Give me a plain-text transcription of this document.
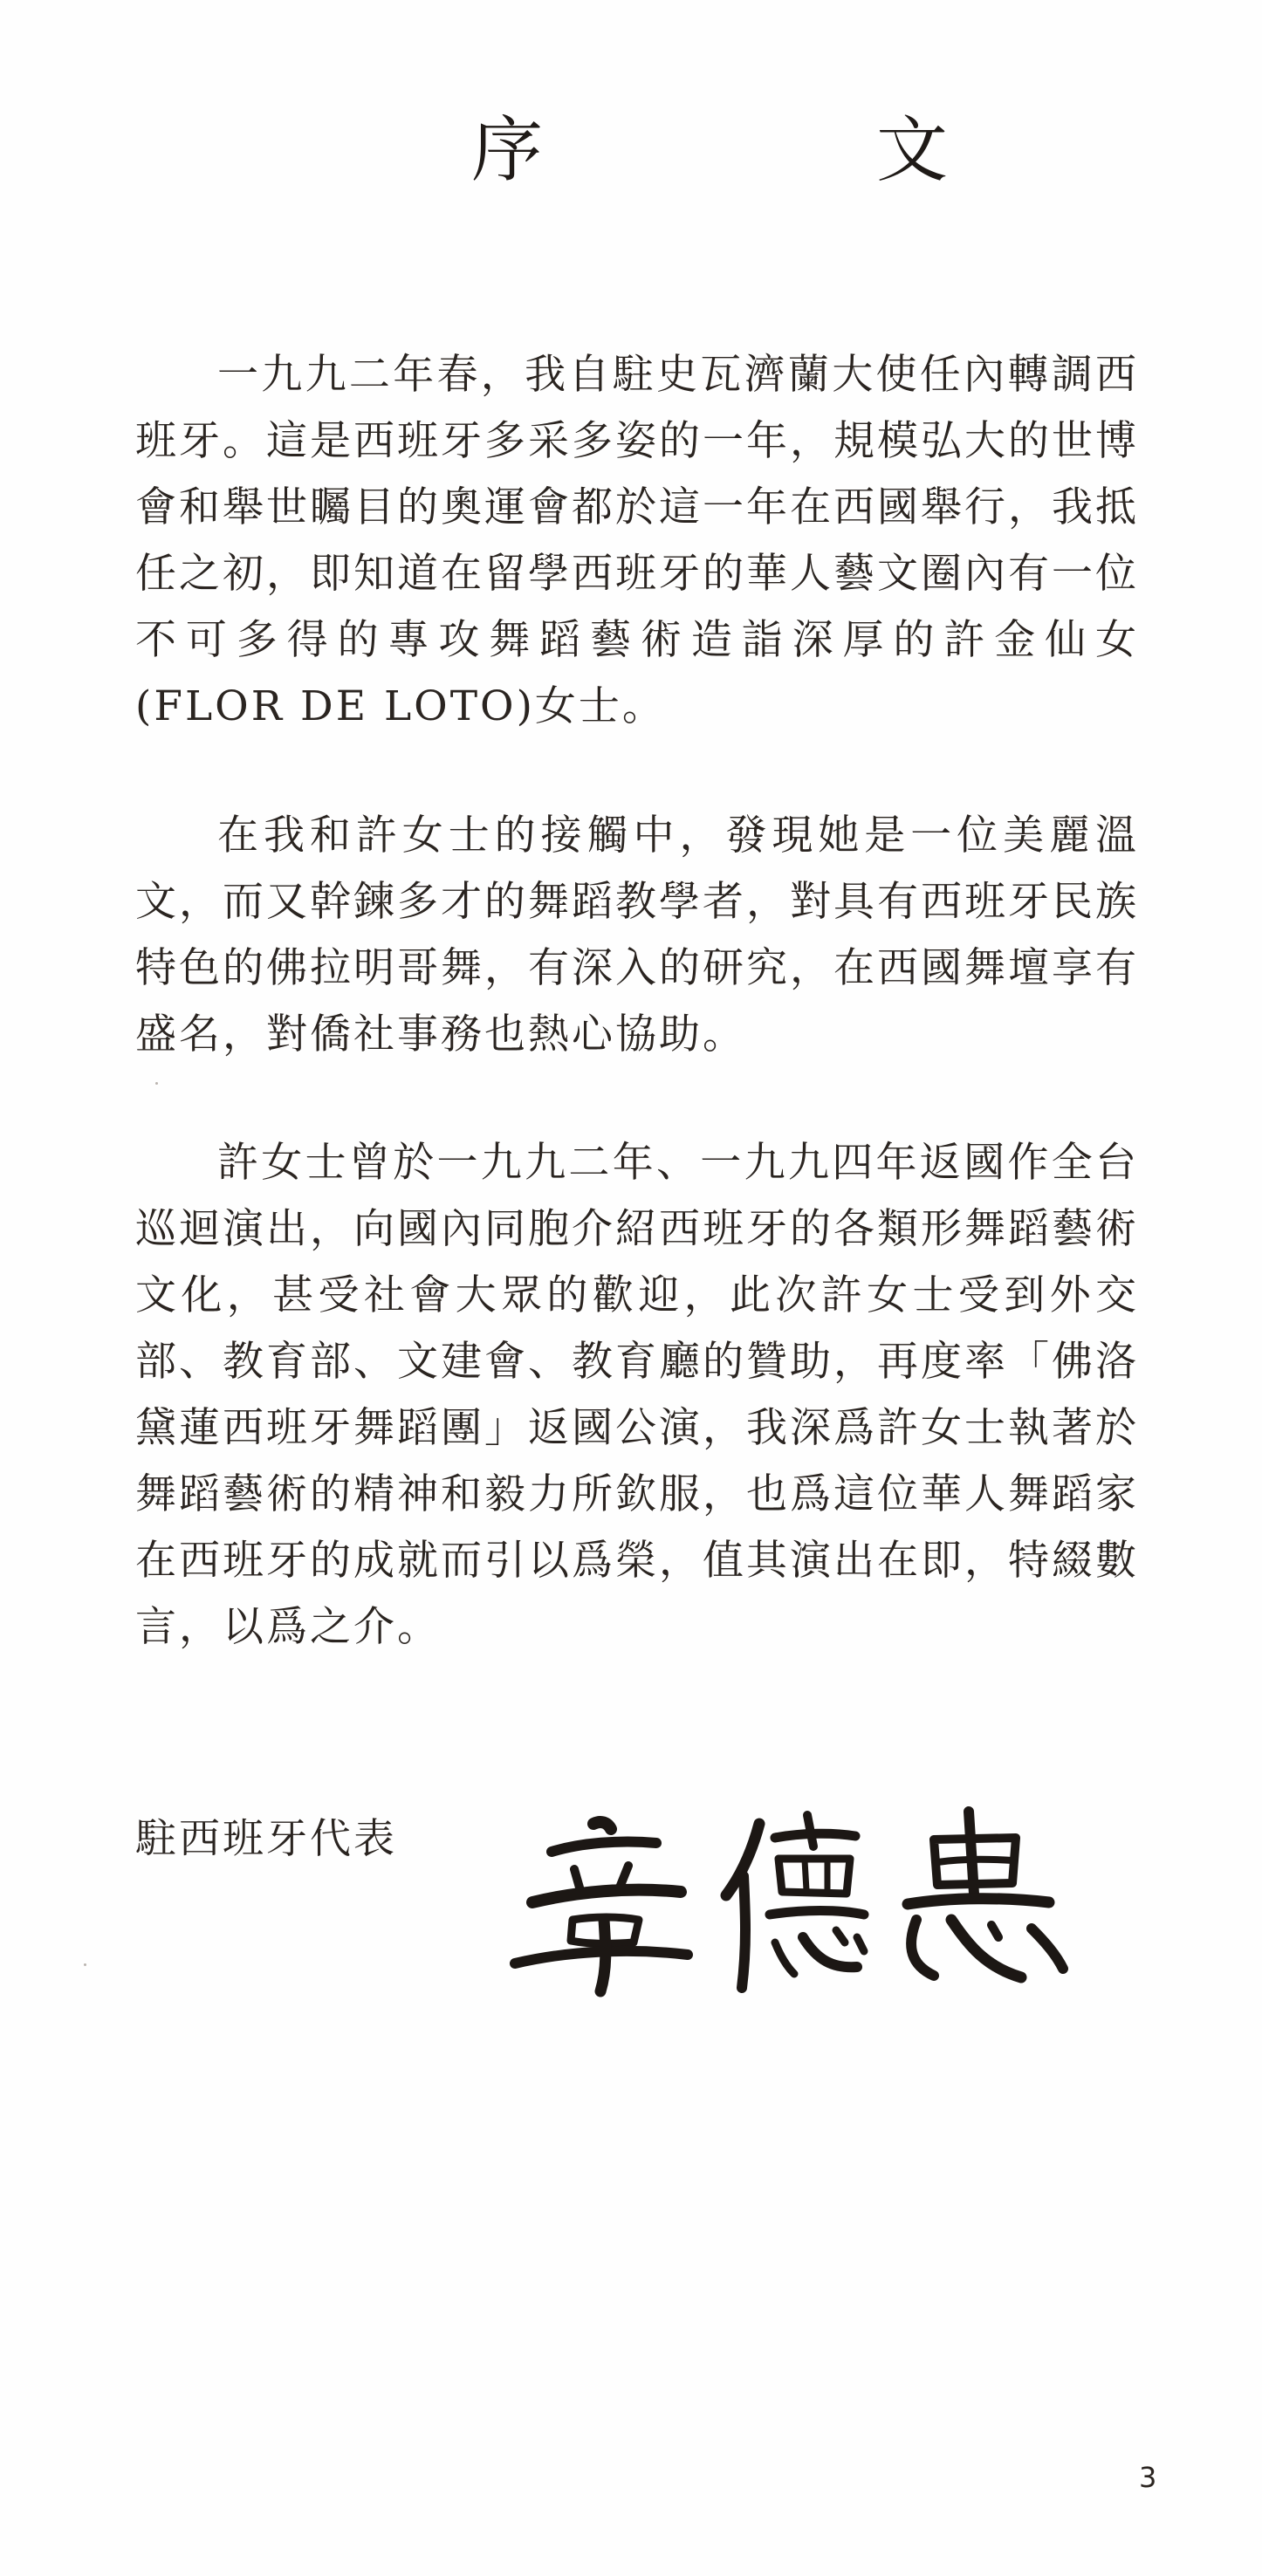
序　文

一九九二年春，我自駐史瓦濟蘭大使任內轉調西班牙。這是西班牙多采多姿的一年，規模弘大的世博會和舉世矚目的奧運會都於這一年在西國舉行，我抵任之初，即知道在留學西班牙的華人藝文圈內有一位不可多得的專攻舞蹈藝術造詣深厚的許金仙女(FLOR DE LOTO)女士。

在我和許女士的接觸中，發現她是一位美麗溫文，而又幹鍊多才的舞蹈教學者，對具有西班牙民族特色的佛拉明哥舞，有深入的研究，在西國舞壇享有盛名，對僑社事務也熱心協助。

許女士曾於一九九二年、一九九四年返國作全台巡迴演出，向國內同胞介紹西班牙的各類形舞蹈藝術文化，甚受社會大眾的歡迎，此次許女士受到外交部、教育部、文建會、教育廳的贊助，再度率「佛洛黛蓮西班牙舞蹈團」返國公演，我深爲許女士執著於舞蹈藝術的精神和毅力所欽服，也爲這位華人舞蹈家在西班牙的成就而引以爲榮，值其演出在即，特綴數言，以爲之介。

駐西班牙代表
3
